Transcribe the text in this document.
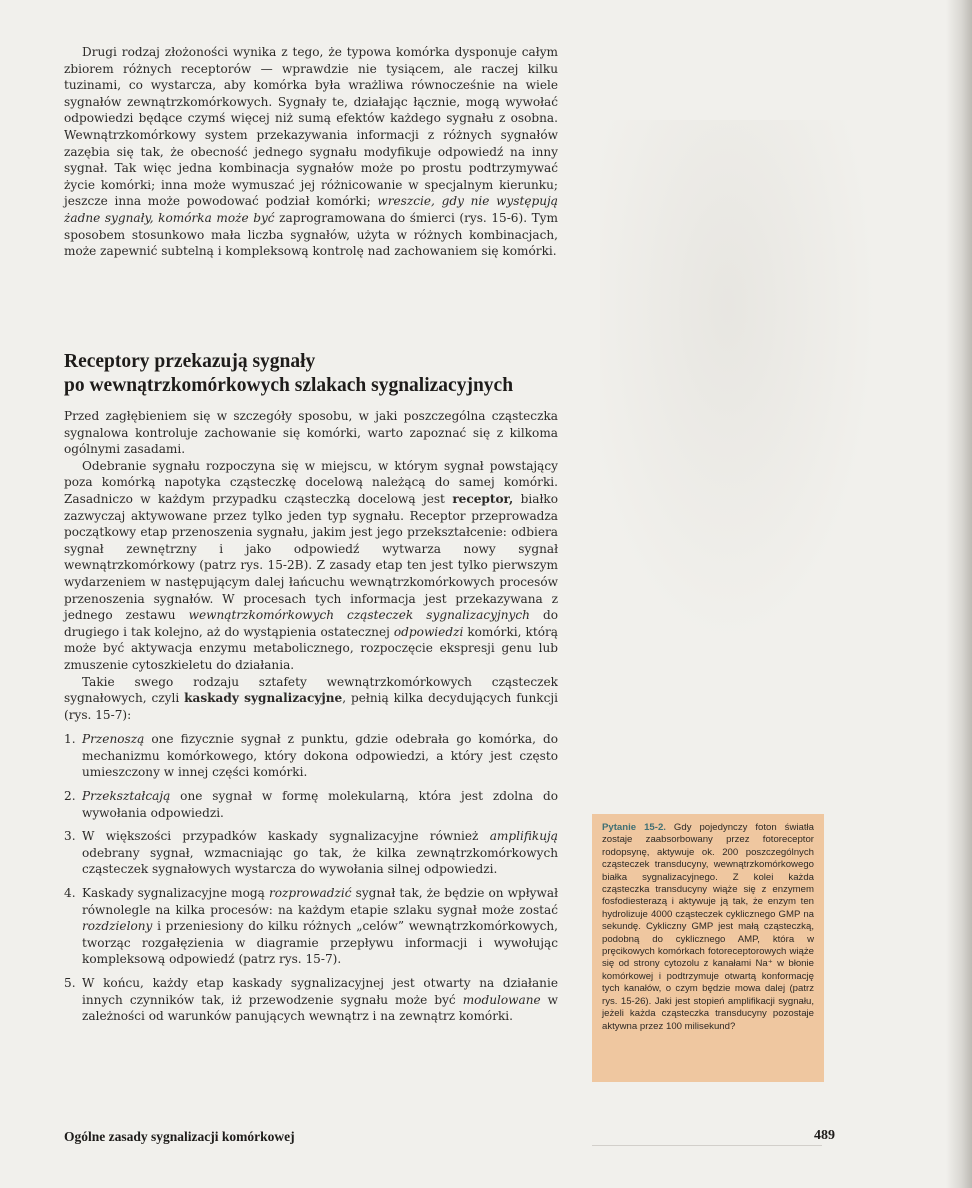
Drugi rodzaj złożoności wynika z tego, że typowa komórka dysponuje całym zbiorem różnych receptorów — wprawdzie nie tysiącem, ale raczej kilku tuzinami, co wystarcza, aby komórka była wrażliwa równocześnie na wiele sygnałów zewnątrzkomórkowych. Sygnały te, działając łącznie, mogą wywołać odpowiedzi będące czymś więcej niż sumą efektów każdego sygnału z osobna. Wewnątrzkomórkowy system przekazywania informacji z różnych sygnałów zazębia się tak, że obecność jednego sygnału modyfikuje odpowiedź na inny sygnał. Tak więc jedna kombinacja sygnałów może po prostu podtrzymywać życie komórki; inna może wymuszać jej różnicowanie w specjalnym kierunku; jeszcze inna może powodować podział komórki; wreszcie, gdy nie występują żadne sygnały, komórka może być zaprogramowana do śmierci (rys. 15-6). Tym sposobem stosunkowo mała liczba sygnałów, użyta w różnych kombinacjach, może zapewnić subtelną i kompleksową kontrolę nad zachowaniem się komórki.

Receptory przekazują sygnały
po wewnątrzkomórkowych szlakach sygnalizacyjnych

Przed zagłębieniem się w szczegóły sposobu, w jaki poszczególna cząsteczka sygnalowa kontroluje zachowanie się komórki, warto zapoznać się z kilkoma ogólnymi zasadami.

Odebranie sygnału rozpoczyna się w miejscu, w którym sygnał powstający poza komórką napotyka cząsteczkę docelową należącą do samej komórki. Zasadniczo w każdym przypadku cząsteczką docelową jest receptor, białko zazwyczaj aktywowane przez tylko jeden typ sygnału. Receptor przeprowadza początkowy etap przenoszenia sygnału, jakim jest jego przekształcenie: odbiera sygnał zewnętrzny i jako odpowiedź wytwarza nowy sygnał wewnątrzkomórkowy (patrz rys. 15-2B). Z zasady etap ten jest tylko pierwszym wydarzeniem w następującym dalej łańcuchu wewnątrzkomórkowych procesów przenoszenia sygnałów. W procesach tych informacja jest przekazywana z jednego zestawu wewnątrzkomórkowych cząsteczek sygnalizacyjnych do drugiego i tak kolejno, aż do wystąpienia ostatecznej odpowiedzi komórki, którą może być aktywacja enzymu metabolicznego, rozpoczęcie ekspresji genu lub zmuszenie cytoszkieletu do działania.

Takie swego rodzaju sztafety wewnątrzkomórkowych cząsteczek sygnałowych, czyli kaskady sygnalizacyjne, pełnią kilka decydujących funkcji (rys. 15-7):

1. Przenoszą one fizycznie sygnał z punktu, gdzie odebrała go komórka, do mechanizmu komórkowego, który dokona odpowiedzi, a który jest często umieszczony w innej części komórki.
2. Przekształcają one sygnał w formę molekularną, która jest zdolna do wywołania odpowiedzi.
3. W większości przypadków kaskady sygnalizacyjne również amplifikują odebrany sygnał, wzmacniając go tak, że kilka zewnątrzkomórkowych cząsteczek sygnałowych wystarcza do wywołania silnej odpowiedzi.
4. Kaskady sygnalizacyjne mogą rozprowadzić sygnał tak, że będzie on wpływał równolegle na kilka procesów: na każdym etapie szlaku sygnał może zostać rozdzielony i przeniesiony do kilku różnych „celów” wewnątrzkomórkowych, tworząc rozgałęzienia w diagramie przepływu informacji i wywołując kompleksową odpowiedź (patrz rys. 15-7).
5. W końcu, każdy etap kaskady sygnalizacyjnej jest otwarty na działanie innych czynników tak, iż przewodzenie sygnału może być modulowane w zależności od warunków panujących wewnątrz i na zewnątrz komórki.
Pytanie 15-2. Gdy pojedynczy foton światła zostaje zaabsorbowany przez fotoreceptor rodopsynę, aktywuje ok. 200 poszczególnych cząsteczek transducyny, wewnątrzkomórkowego białka sygnalizacyjnego. Z kolei każda cząsteczka transducyny wiąże się z enzymem fosfodiesterazą i aktywuje ją tak, że enzym ten hydrolizuje 4000 cząsteczek cyklicznego GMP na sekundę. Cykliczny GMP jest małą cząsteczką, podobną do cyklicznego AMP, która w pręcikowych komórkach fotoreceptorowych wiąże się od strony cytozolu z kanałami Na⁺ w błonie komórkowej i podtrzymuje otwartą konformację tych kanałów, o czym będzie mowa dalej (patrz rys. 15-26). Jaki jest stopień amplifikacji sygnału, jeżeli każda cząsteczka transducyny pozostaje aktywna przez 100 milisekund?
Ogólne zasady sygnalizacji komórkowej	489
